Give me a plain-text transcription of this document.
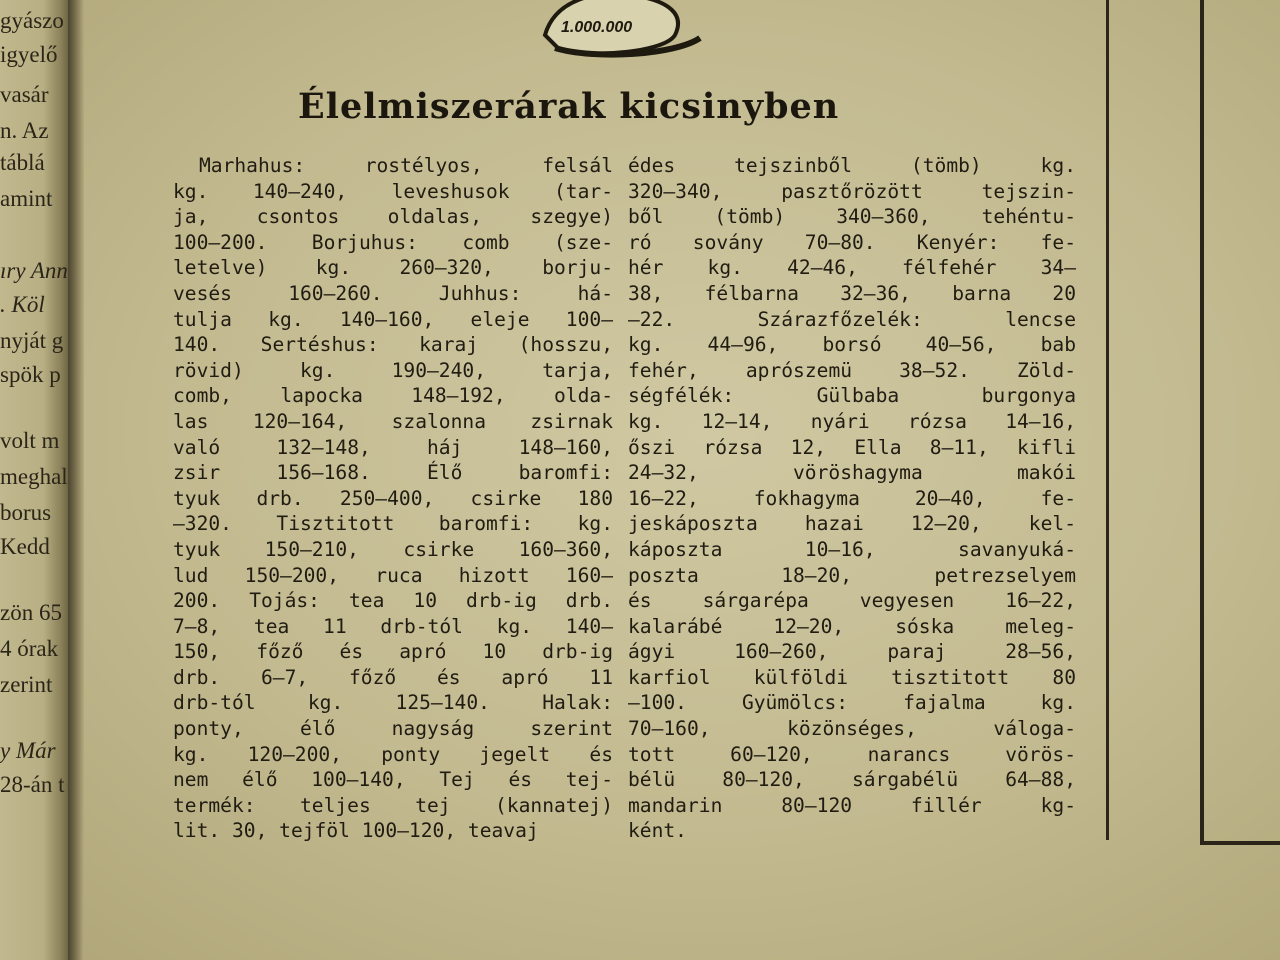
gyászo
igyelő
vasár
n. Az
táblá
amint
ıry Ann
. Köl
nyját g
spök p
volt m
meghal
borus
Kedd
zön 65
4 órak
zerint
y Már
28-án t
1.000.000
Élelmiszerárak kicsinyben
Marhahus: rostélyos, felsál
kg. 140—240, leveshusok (tar-
ja, csontos oldalas, szegye)
100—200. Borjuhus: comb (sze-
letelve) kg. 260—320, borju-
vesés 160—260. Juhhus: há-
tulja kg. 140—160, eleje 100—
140. Sertéshus: karaj (hosszu,
rövid) kg. 190—240, tarja,
comb, lapocka 148—192, olda-
las 120—164, szalonna zsirnak
való 132—148, háj 148—160,
zsir 156—168. Élő baromfi:
tyuk drb. 250—400, csirke 180
—320. Tisztitott baromfi: kg.
tyuk 150—210, csirke 160—360,
lud 150—200, ruca hizott 160—
200. Tojás: tea 10 drb-ig drb.
7—8, tea 11 drb-tól kg. 140—
150, főző és apró 10 drb-ig
drb. 6—7, főző és apró 11
drb-tól kg. 125—140. Halak:
ponty, élő nagyság szerint
kg. 120—200, ponty jegelt és
nem élő 100—140, Tej és tej-
termék: teljes tej (kannatej)
lit. 30, tejföl 100—120, teavaj
édes tejszinből (tömb) kg.
320—340, pasztőrözött tejszin-
ből (tömb) 340—360, tehéntu-
ró sovány 70—80. Kenyér: fe-
hér kg. 42—46, félfehér 34—
38, félbarna 32—36, barna 20
—22. Szárazfőzelék: lencse
kg. 44—96, borsó 40—56, bab
fehér, aprószemü 38—52. Zöld-
ségfélék: Gülbaba burgonya
kg. 12—14, nyári rózsa 14—16,
őszi rózsa 12, Ella 8—11, kifli
24—32, vöröshagyma makói
16—22, fokhagyma 20—40, fe-
jeskáposzta hazai 12—20, kel-
káposzta 10—16, savanyuká-
poszta 18—20, petrezselyem
és sárgarépa vegyesen 16—22,
kalarábé 12—20, sóska meleg-
ágyi 160—260, paraj 28—56,
karfiol külföldi tisztitott 80
—100. Gyümölcs: fajalma kg.
70—160, közönséges, váloga-
tott 60—120, narancs vörös-
bélü 80—120, sárgabélü 64—88,
mandarin 80—120 fillér kg-
ként.
